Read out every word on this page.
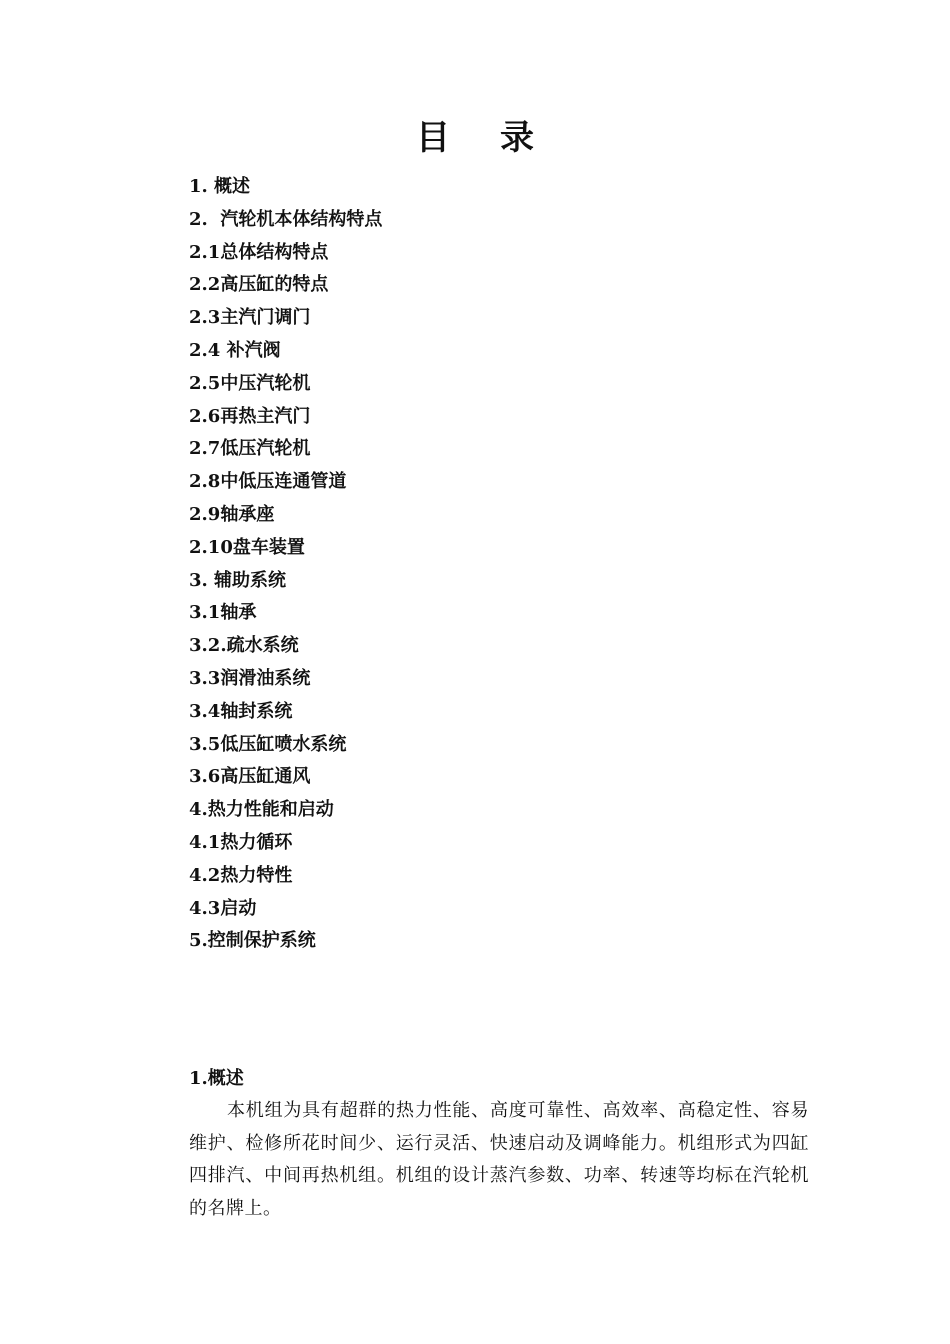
目录
1. 概述
2.  汽轮机本体结构特点
2.1总体结构特点
2.2高压缸的特点
2.3主汽门调门
2.4 补汽阀
2.5中压汽轮机
2.6再热主汽门
2.7低压汽轮机
2.8中低压连通管道
2.9轴承座
2.10盘车装置
3. 辅助系统
3.1轴承
3.2.疏水系统
3.3润滑油系统
3.4轴封系统
3.5低压缸喷水系统
3.6高压缸通风
4.热力性能和启动
4.1热力循环
4.2热力特性
4.3启动
5.控制保护系统
1.概述

本机组为具有超群的热力性能、高度可靠性、高效率、高稳定性、容易维护、检修所花时间少、运行灵活、快速启动及调峰能力。机组形式为四缸四排汽、中间再热机组。机组的设计蒸汽参数、功率、转速等均标在汽轮机的名牌上。
